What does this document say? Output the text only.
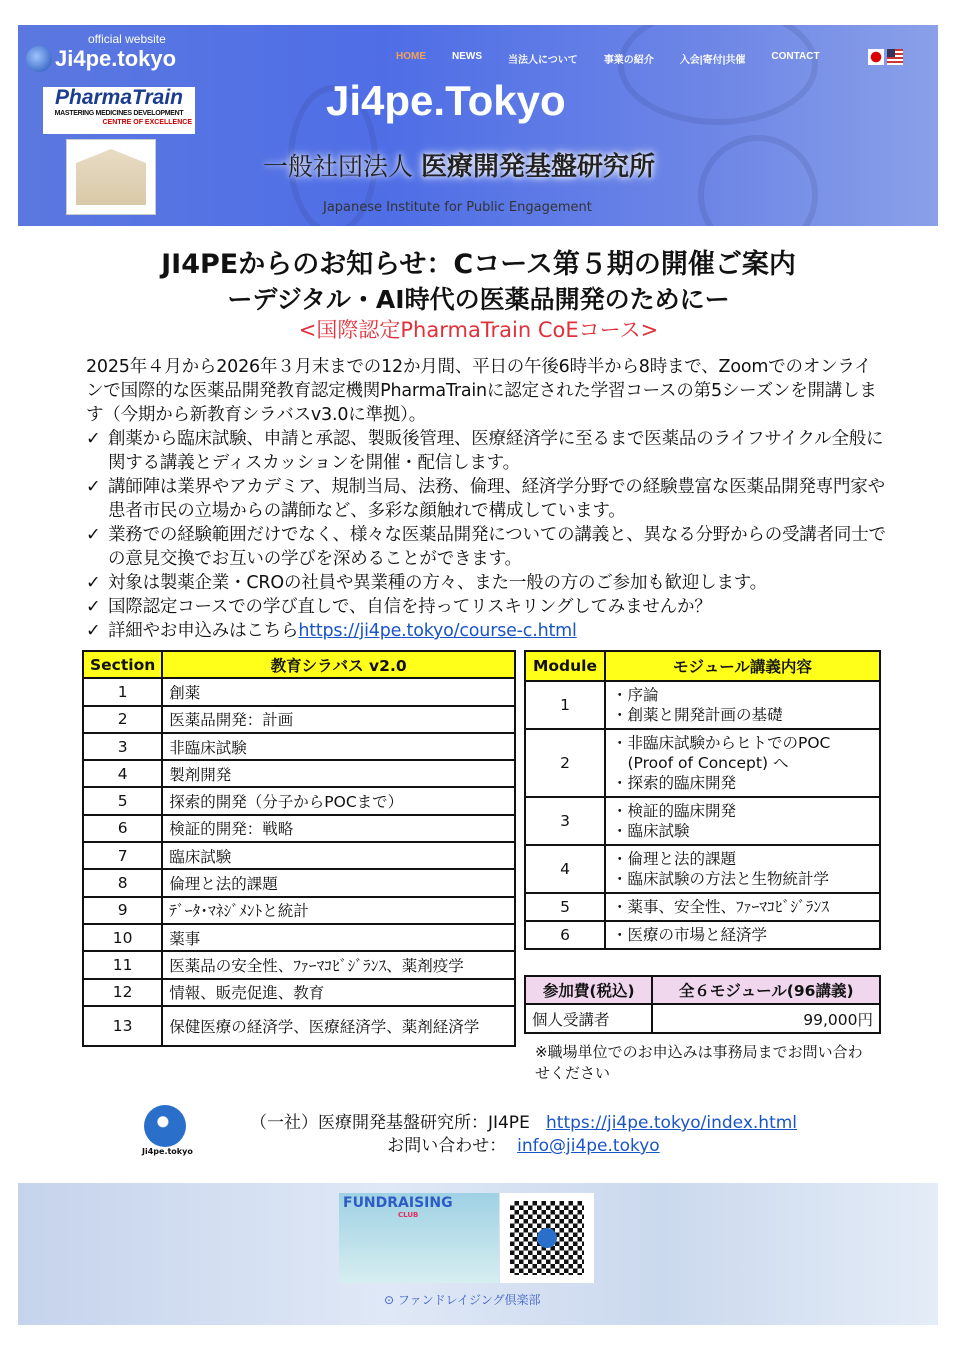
official website
Ji4pe.tokyo
PharmaTrain
MASTERING MEDICINES DEVELOPMENT
CENTRE OF EXCELLENCE
HOME	NEWS	当法人について	事業の紹介	入会|寄付|共催	CONTACT
Ji4pe.Tokyo
一般社団法人 医療開発基盤研究所
Japanese Institute for Public Engagement
JI4PEからのお知らせ：Cコース第５期の開催ご案内
ーデジタル・AI時代の医薬品開発のためにー
<国際認定PharmaTrain CoEコース>

2025年４月から2026年３月末までの12か月間、平日の午後6時半から8時まで、Zoomでのオンラインで国際的な医薬品開発教育認定機関PharmaTrainに認定された学習コースの第5シーズンを開講します（今期から新教育シラバスv3.0に準拠）。

✓ 創薬から臨床試験、申請と承認、製販後管理、医療経済学に至るまで医薬品のライフサイクル全般に関する講義とディスカッションを開催・配信します。
✓ 講師陣は業界やアカデミア、規制当局、法務、倫理、経済学分野での経験豊富な医薬品開発専門家や患者市民の立場からの講師など、多彩な顔触れで構成しています。
✓ 業務での経験範囲だけでなく、様々な医薬品開発についての講義と、異なる分野からの受講者同士での意見交換でお互いの学びを深めることができます。
✓ 対象は製薬企業・CROの社員や異業種の方々、また一般の方のご参加も歓迎します。
✓ 国際認定コースでの学び直しで、自信を持ってリスキリングしてみませんか？
✓ 詳細やお申込みはこちらhttps://ji4pe.tokyo/course-c.html
Section	教育シラバス v2.0
1	創薬
2	医薬品開発：計画
3	非臨床試験
4	製剤開発
5	探索的開発（分子からPOCまで）
6	検証的開発：戦略
7	臨床試験
8	倫理と法的課題
9	ﾃﾞｰﾀ･ﾏﾈｼﾞﾒﾝﾄと統計
10	薬事
11	医薬品の安全性、ﾌｧｰﾏｺﾋﾞｼﾞﾗﾝｽ、薬剤疫学
12	情報、販売促進、教育
13	保健医療の経済学、医療経済学、薬剤経済学
Module	モジュール講義内容
1	・序論
・創薬と開発計画の基礎
2	・非臨床試験からヒトでのPOC
　(Proof of Concept) へ
・探索的臨床開発
3	・検証的臨床開発
・臨床試験
4	・倫理と法的課題
・臨床試験の方法と生物統計学
5	・薬事、安全性、ﾌｧｰﾏｺﾋﾞｼﾞﾗﾝｽ
6	・医療の市場と経済学
参加費(税込)	全６モジュール(96講義)
個人受講者	99,000円
※職場単位でのお申込みは事務局までお問い合わせください
Ji4pe.tokyo
（一社）医療開発基盤研究所：JI4PE https://ji4pe.tokyo/index.html
お問い合わせ： info@ji4pe.tokyo
FUNDRAISING
CLUB
⊙ ファンドレイジング倶楽部
